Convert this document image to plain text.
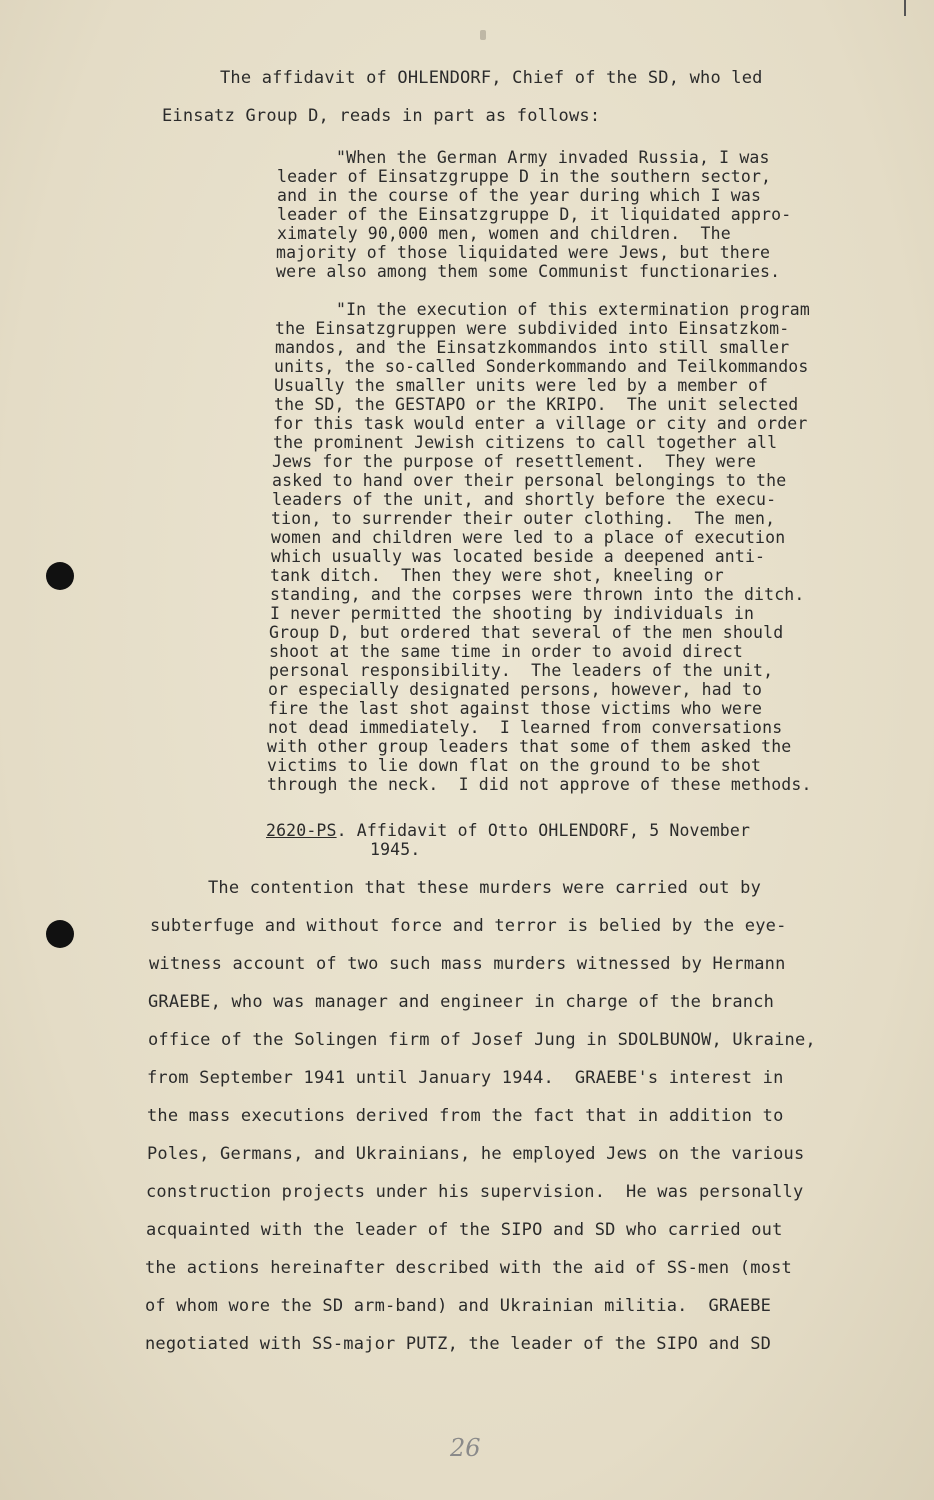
The affidavit of OHLENDORF, Chief of the SD, who led
Einsatz Group D, reads in part as follows:
"When the German Army invaded Russia, I was
leader of Einsatzgruppe D in the southern sector,
and in the course of the year during which I was
leader of the Einsatzgruppe D, it liquidated appro-
ximately 90,000 men, women and children.  The
majority of those liquidated were Jews, but there
were also among them some Communist functionaries.
"In the execution of this extermination program
the Einsatzgruppen were subdivided into Einsatzkom-
mandos, and the Einsatzkommandos into still smaller
units, the so-called Sonderkommando and Teilkommandos
Usually the smaller units were led by a member of
the SD, the GESTAPO or the KRIPO.  The unit selected
for this task would enter a village or city and order
the prominent Jewish citizens to call together all
Jews for the purpose of resettlement.  They were
asked to hand over their personal belongings to the
leaders of the unit, and shortly before the execu-
tion, to surrender their outer clothing.  The men,
women and children were led to a place of execution
which usually was located beside a deepened anti-
tank ditch.  Then they were shot, kneeling or
standing, and the corpses were thrown into the ditch.
I never permitted the shooting by individuals in
Group D, but ordered that several of the men should
shoot at the same time in order to avoid direct
personal responsibility.  The leaders of the unit,
or especially designated persons, however, had to
fire the last shot against those victims who were
not dead immediately.  I learned from conversations
with other group leaders that some of them asked the
victims to lie down flat on the ground to be shot
through the neck.  I did not approve of these methods.
2620-PS. Affidavit of Otto OHLENDORF, 5 November
1945.
The contention that these murders were carried out by
subterfuge and without force and terror is belied by the eye-
witness account of two such mass murders witnessed by Hermann
GRAEBE, who was manager and engineer in charge of the branch
office of the Solingen firm of Josef Jung in SDOLBUNOW, Ukraine,
from September 1941 until January 1944.  GRAEBE's interest in
the mass executions derived from the fact that in addition to
Poles, Germans, and Ukrainians, he employed Jews on the various
construction projects under his supervision.  He was personally
acquainted with the leader of the SIPO and SD who carried out
the actions hereinafter described with the aid of SS-men (most
of whom wore the SD arm-band) and Ukrainian militia.  GRAEBE
negotiated with SS-major PUTZ, the leader of the SIPO and SD
26
